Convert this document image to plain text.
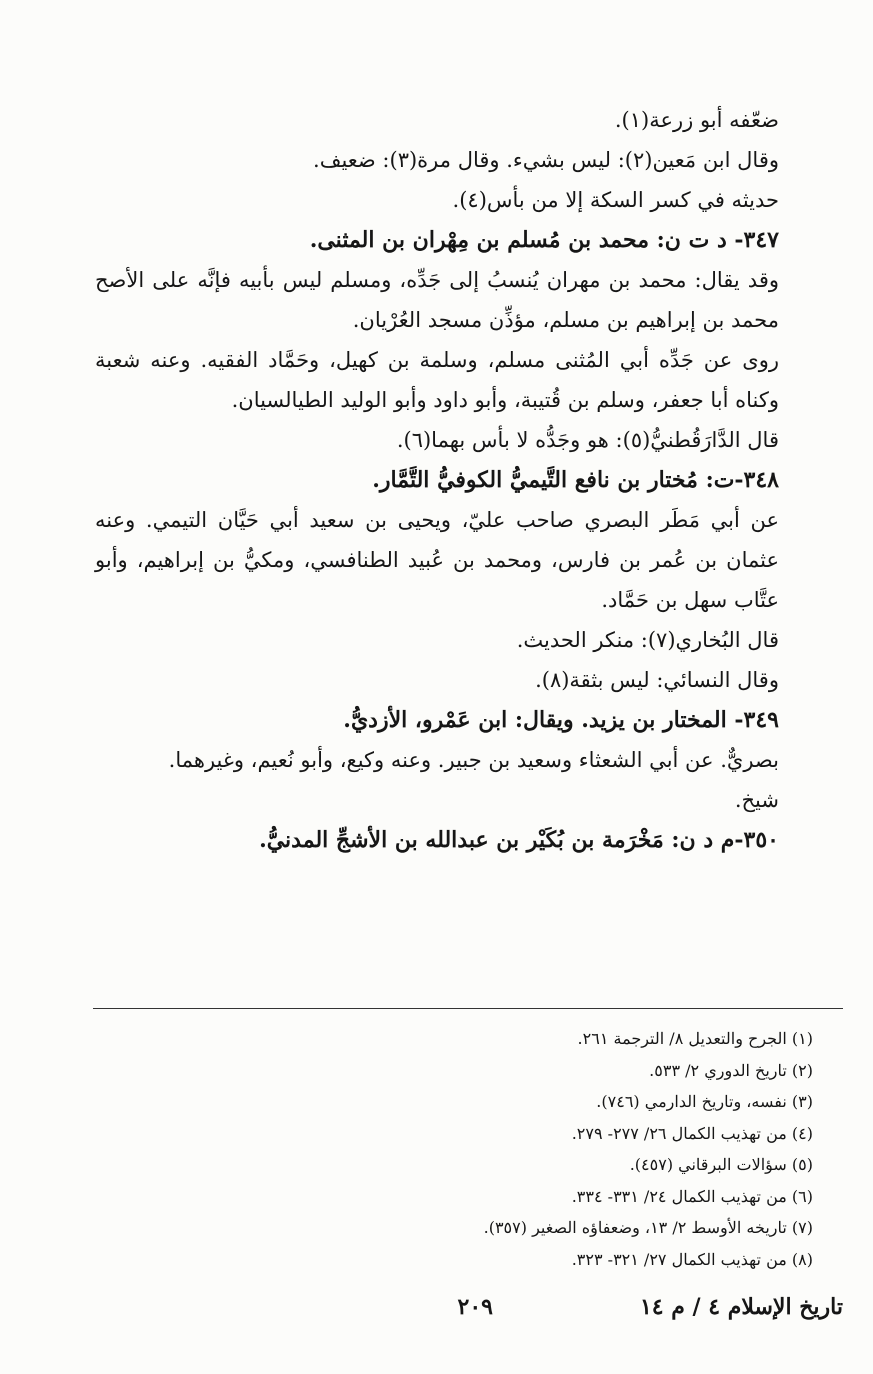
ضعّفه أبو زرعة(١).

وقال ابن مَعين(٢): ليس بشيء. وقال مرة(٣): ضعيف.

حديثه في كسر السكة إلا من بأس(٤).

٣٤٧- د ت ن: محمد بن مُسلم بن مِهْران بن المثنى.

وقد يقال: محمد بن مهران يُنسبُ إلى جَدِّه، ومسلم ليس بأبيه فإنَّه على الأصح محمد بن إبراهيم بن مسلم، مؤذِّن مسجد العُرْيان.

روى عن جَدِّه أبي المُثنى مسلم، وسلمة بن كهيل، وحَمَّاد الفقيه. وعنه شعبة وكناه أبا جعفر، وسلم بن قُتيبة، وأبو داود وأبو الوليد الطيالسيان.

قال الدَّارَقُطنيُّ(٥): هو وجَدُّه لا بأس بهما(٦).

٣٤٨-ت: مُختار بن نافع التَّيميُّ الكوفيُّ التَّمَّار.

عن أبي مَطَر البصري صاحب عليّ، ويحيى بن سعيد أبي حَيَّان التيمي. وعنه عثمان بن عُمر بن فارس، ومحمد بن عُبيد الطنافسي، ومكيُّ بن إبراهيم، وأبو عتَّاب سهل بن حَمَّاد.

قال البُخاري(٧): منكر الحديث.

وقال النسائي: ليس بثقة(٨).

٣٤٩- المختار بن يزيد. ويقال: ابن عَمْرو، الأزديُّ.

بصريٌّ. عن أبي الشعثاء وسعيد بن جبير. وعنه وكيع، وأبو نُعيم، وغيرهما.

شيخ.

٣٥٠-م د ن: مَخْرَمة بن بُكَيْر بن عبدالله بن الأشجِّ المدنيُّ.

(١) الجرح والتعديل ٨/ الترجمة ٢٦١.
(٢) تاريخ الدوري ٢/ ٥٣٣.
(٣) نفسه، وتاريخ الدارمي (٧٤٦).
(٤) من تهذيب الكمال ٢٦/ ٢٧٧- ٢٧٩.
(٥) سؤالات البرقاني (٤٥٧).
(٦) من تهذيب الكمال ٢٤/ ٣٣١- ٣٣٤.
(٧) تاريخه الأوسط ٢/ ١٣، وضعفاؤه الصغير (٣٥٧).
(٨) من تهذيب الكمال ٢٧/ ٣٢١- ٣٢٣.
تاريخ الإسلام ٤ / م ١٤
٢٠٩
